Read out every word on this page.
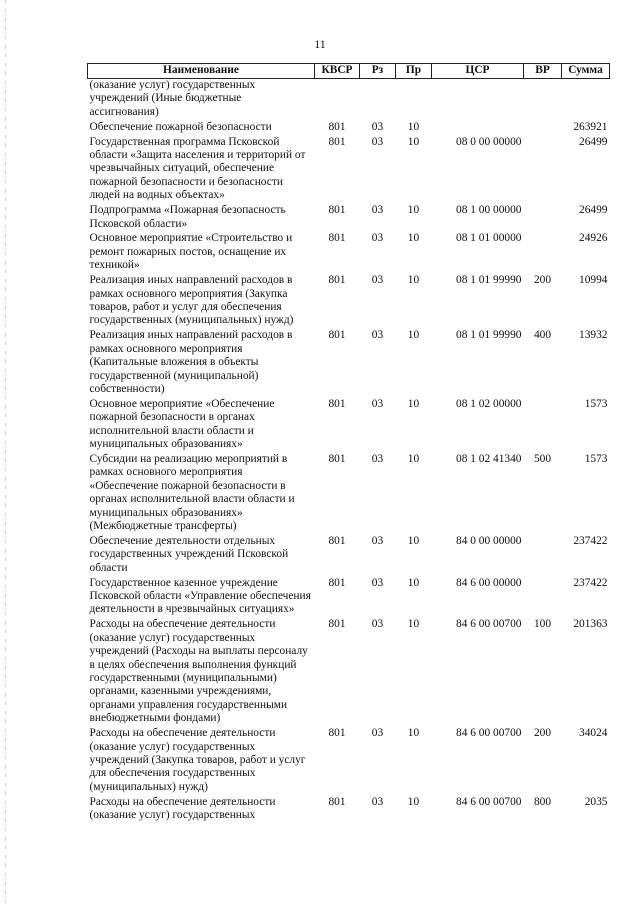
11
Наименование	КВСР	Рз	Пр	ЦСР	ВР	Сумма
(оказание услуг) государственных учреждений (Иные бюджетные ассигнования)						
Обеспечение пожарной безопасности	801	03	10			263921
Государственная программа Псковской области «Защита населения и территорий от чрезвычайных ситуаций, обеспечение пожарной безопасности и безопасности людей на водных объектах»	801	03	10	08 0 00 00000		26499
Подпрограмма «Пожарная безопасность Псковской области»	801	03	10	08 1 00 00000		26499
Основное мероприятие «Строительство и ремонт пожарных постов, оснащение их техникой»	801	03	10	08 1 01 00000		24926
Реализация иных направлений расходов в рамках основного мероприятия (Закупка товаров, работ и услуг для обеспечения государственных (муниципальных) нужд)	801	03	10	08 1 01 99990	200	10994
Реализация иных направлений расходов в рамках основного мероприятия (Капитальные вложения в объекты государственной (муниципальной) собственности)	801	03	10	08 1 01 99990	400	13932
Основное мероприятие «Обеспечение пожарной безопасности в органах исполнительной власти области и муниципальных образованиях»	801	03	10	08 1 02 00000		1573
Субсидии на реализацию мероприятий в рамках основного мероприятия «Обеспечение пожарной безопасности в органах исполнительной власти области и муниципальных образованиях» (Межбюджетные трансферты)	801	03	10	08 1 02 41340	500	1573
Обеспечение деятельности отдельных государственных учреждений Псковской области	801	03	10	84 0 00 00000		237422
Государственное казенное учреждение Псковской области «Управление обеспечения деятельности в чрезвычайных ситуациях»	801	03	10	84 6 00 00000		237422
Расходы на обеспечение деятельности (оказание услуг) государственных учреждений (Расходы на выплаты персоналу в целях обеспечения выполнения функций государственными (муниципальными) органами, казенными учреждениями, органами управления государственными внебюджетными фондами)	801	03	10	84 6 00 00700	100	201363
Расходы на обеспечение деятельности (оказание услуг) государственных учреждений (Закупка товаров, работ и услуг для обеспечения государственных (муниципальных) нужд)	801	03	10	84 6 00 00700	200	34024
Расходы на обеспечение деятельности (оказание услуг) государственных	801	03	10	84 6 00 00700	800	2035
